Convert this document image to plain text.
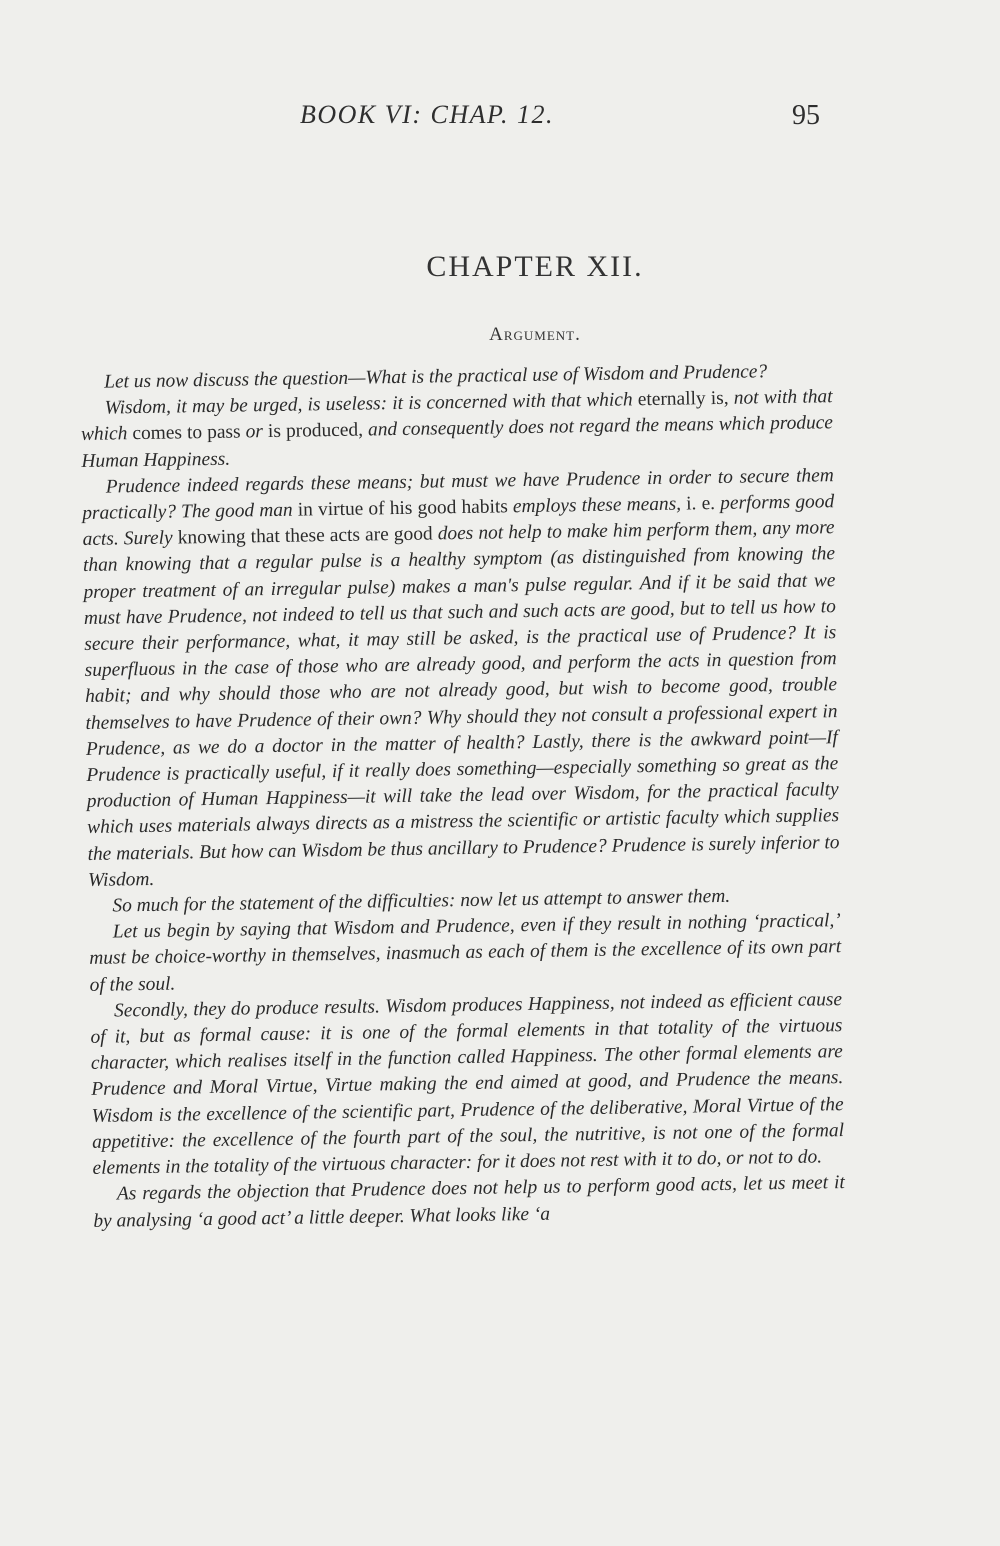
BOOK VI: CHAP. 12.	95
CHAPTER XII.
Argument.

Let us now discuss the question—What is the practical use of Wisdom and Prudence?

Wisdom, it may be urged, is useless: it is concerned with that which eternally is, not with that which comes to pass or is produced, and consequently does not regard the means which produce Human Happiness.

Prudence indeed regards these means; but must we have Prudence in order to secure them practically? The good man in virtue of his good habits employs these means, i. e. performs good acts. Surely knowing that these acts are good does not help to make him perform them, any more than knowing that a regular pulse is a healthy symptom (as distinguished from knowing the proper treatment of an irregular pulse) makes a man's pulse regular. And if it be said that we must have Prudence, not indeed to tell us that such and such acts are good, but to tell us how to secure their performance, what, it may still be asked, is the practical use of Prudence? It is superfluous in the case of those who are already good, and perform the acts in question from habit; and why should those who are not already good, but wish to become good, trouble themselves to have Prudence of their own? Why should they not consult a professional expert in Prudence, as we do a doctor in the matter of health? Lastly, there is the awkward point—If Prudence is practically useful, if it really does something—especially something so great as the production of Human Happiness—it will take the lead over Wisdom, for the practical faculty which uses materials always directs as a mistress the scientific or artistic faculty which supplies the materials. But how can Wisdom be thus ancillary to Prudence? Prudence is surely inferior to Wisdom.

So much for the statement of the difficulties: now let us attempt to answer them.

Let us begin by saying that Wisdom and Prudence, even if they result in nothing ‘practical,’ must be choice-worthy in themselves, inasmuch as each of them is the excellence of its own part of the soul.

Secondly, they do produce results. Wisdom produces Happiness, not indeed as efficient cause of it, but as formal cause: it is one of the formal elements in that totality of the virtuous character, which realises itself in the function called Happiness. The other formal elements are Prudence and Moral Virtue, Virtue making the end aimed at good, and Prudence the means. Wisdom is the excellence of the scientific part, Prudence of the deliberative, Moral Virtue of the appetitive: the excellence of the fourth part of the soul, the nutritive, is not one of the formal elements in the totality of the virtuous character: for it does not rest with it to do, or not to do.

As regards the objection that Prudence does not help us to perform good acts, let us meet it by analysing ‘a good act’ a little deeper. What looks like ‘a
